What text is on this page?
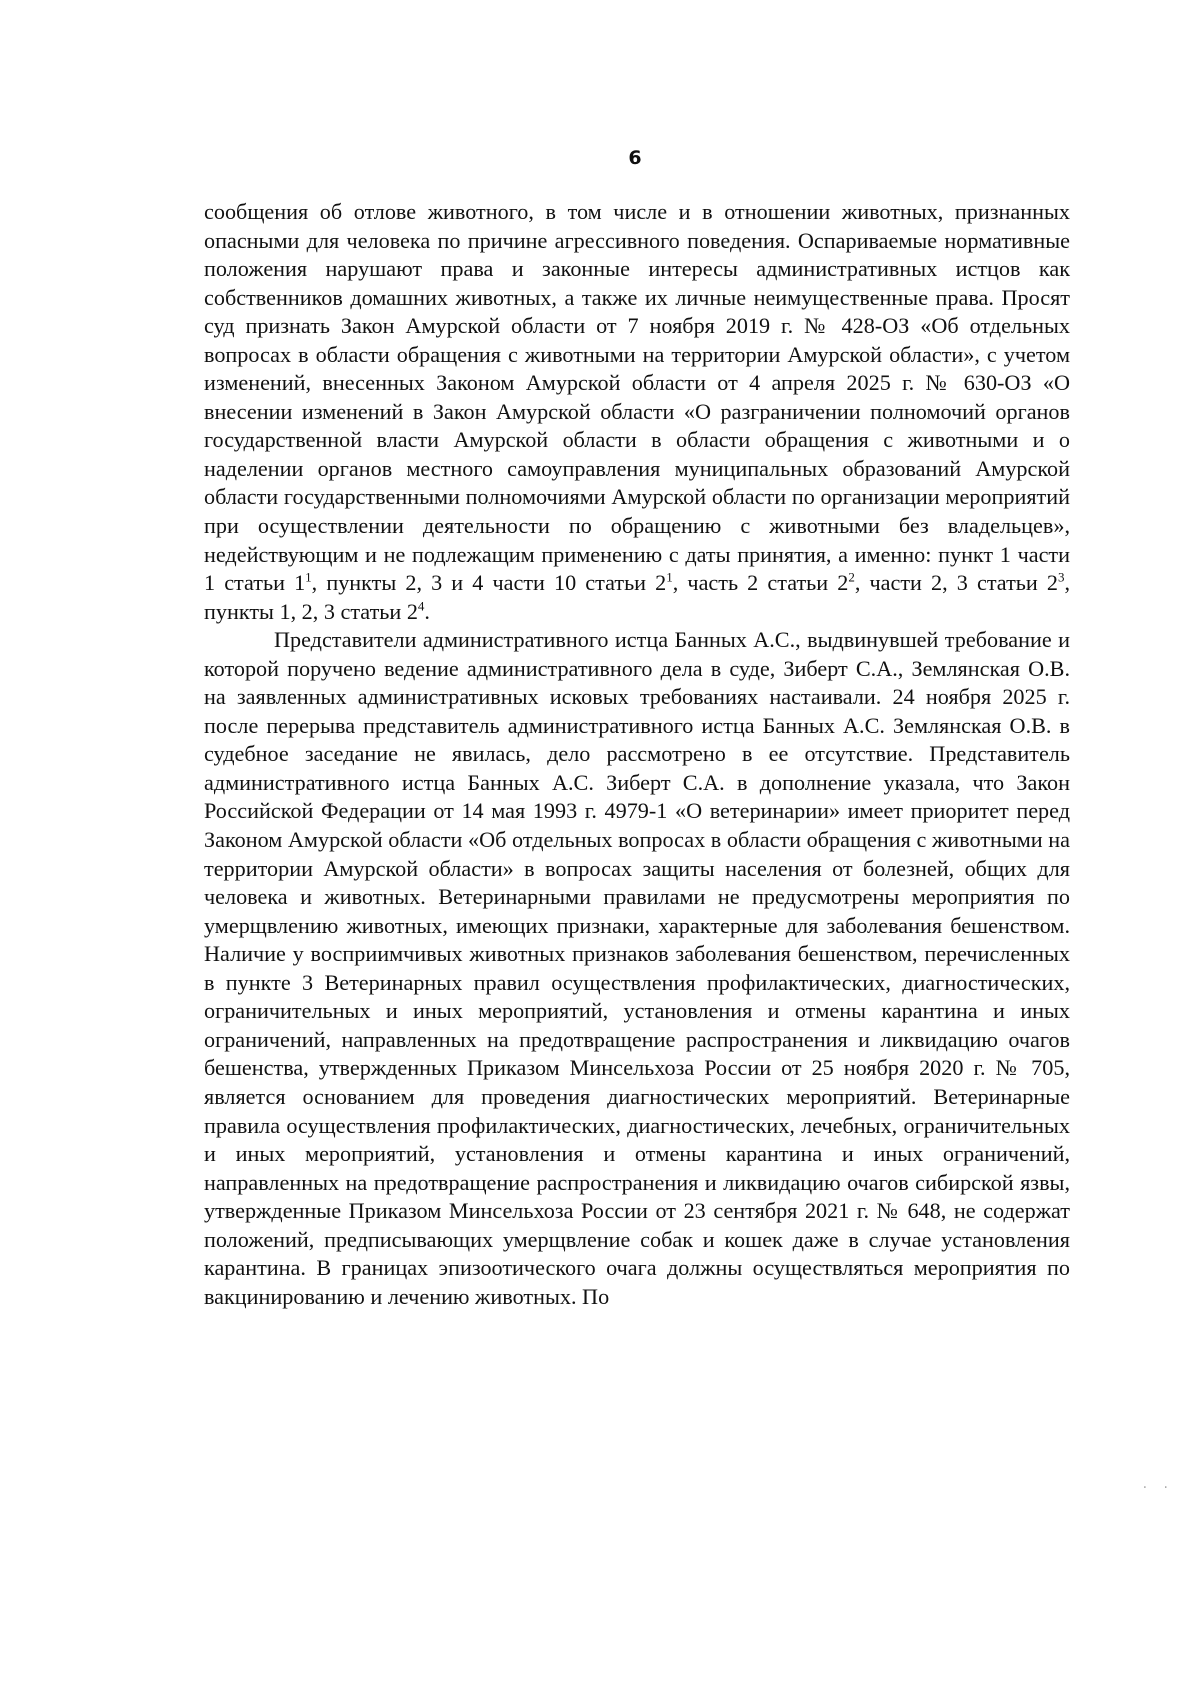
6

сообщения об отлове животного, в том числе и в отношении животных, признанных опасными для человека по причине агрессивного поведения. Оспариваемые нормативные положения нарушают права и законные интересы административных истцов как собственников домашних животных, а также их личные неимущественные права. Просят суд признать Закон Амурской области от 7 ноября 2019 г. № 428-ОЗ «Об отдельных вопросах в области обращения с животными на территории Амурской области», с учетом изменений, внесенных Законом Амурской области от 4 апреля 2025 г. № 630-ОЗ «О внесении изменений в Закон Амурской области «О разграничении полномочий органов государственной власти Амурской области в области обращения с животными и о наделении органов местного самоуправления муниципальных образований Амурской области государственными полномочиями Амурской области по организации мероприятий при осуществлении деятельности по обращению с животными без владельцев», недействующим и не подлежащим применению с даты принятия, а именно: пункт 1 части 1 статьи $1^1$, пункты 2, 3 и 4 части 10 статьи $2^1$, часть 2 статьи $2^2$, части 2, 3 статьи $2^3$, пункты 1, 2, 3 статьи $2^4$.

Представители административного истца Банных А.С., выдвинувшей требование и которой поручено ведение административного дела в суде, Зиберт С.А., Землянская О.В. на заявленных административных исковых требованиях настаивали. 24 ноября 2025 г. после перерыва представитель административного истца Банных А.С. Землянская О.В. в судебное заседание не явилась, дело рассмотрено в ее отсутствие. Представитель административного истца Банных А.С. Зиберт С.А. в дополнение указала, что Закон Российской Федерации от 14 мая 1993 г. 4979-1 «О ветеринарии» имеет приоритет перед Законом Амурской области «Об отдельных вопросах в области обращения с животными на территории Амурской области» в вопросах защиты населения от болезней, общих для человека и животных. Ветеринарными правилами не предусмотрены мероприятия по умерщвлению животных, имеющих признаки, характерные для заболевания бешенством. Наличие у восприимчивых животных признаков заболевания бешенством, перечисленных в пункте 3 Ветеринарных правил осуществления профилактических, диагностических, ограничительных и иных мероприятий, установления и отмены карантина и иных ограничений, направленных на предотвращение распространения и ликвидацию очагов бешенства, утвержденных Приказом Минсельхоза России от 25 ноября 2020 г. № 705, является основанием для проведения диагностических мероприятий. Ветеринарные правила осуществления профилактических, диагностических, лечебных, ограничительных и иных мероприятий, установления и отмены карантина и иных ограничений, направленных на предотвращение распространения и ликвидацию очагов сибирской язвы, утвержденные Приказом Минсельхоза России от 23 сентября 2021 г. № 648, не содержат положений, предписывающих умерщвление собак и кошек даже в случае установления карантина. В границах эпизоотического очага должны осуществляться мероприятия по вакцинированию и лечению животных. По

· ·
